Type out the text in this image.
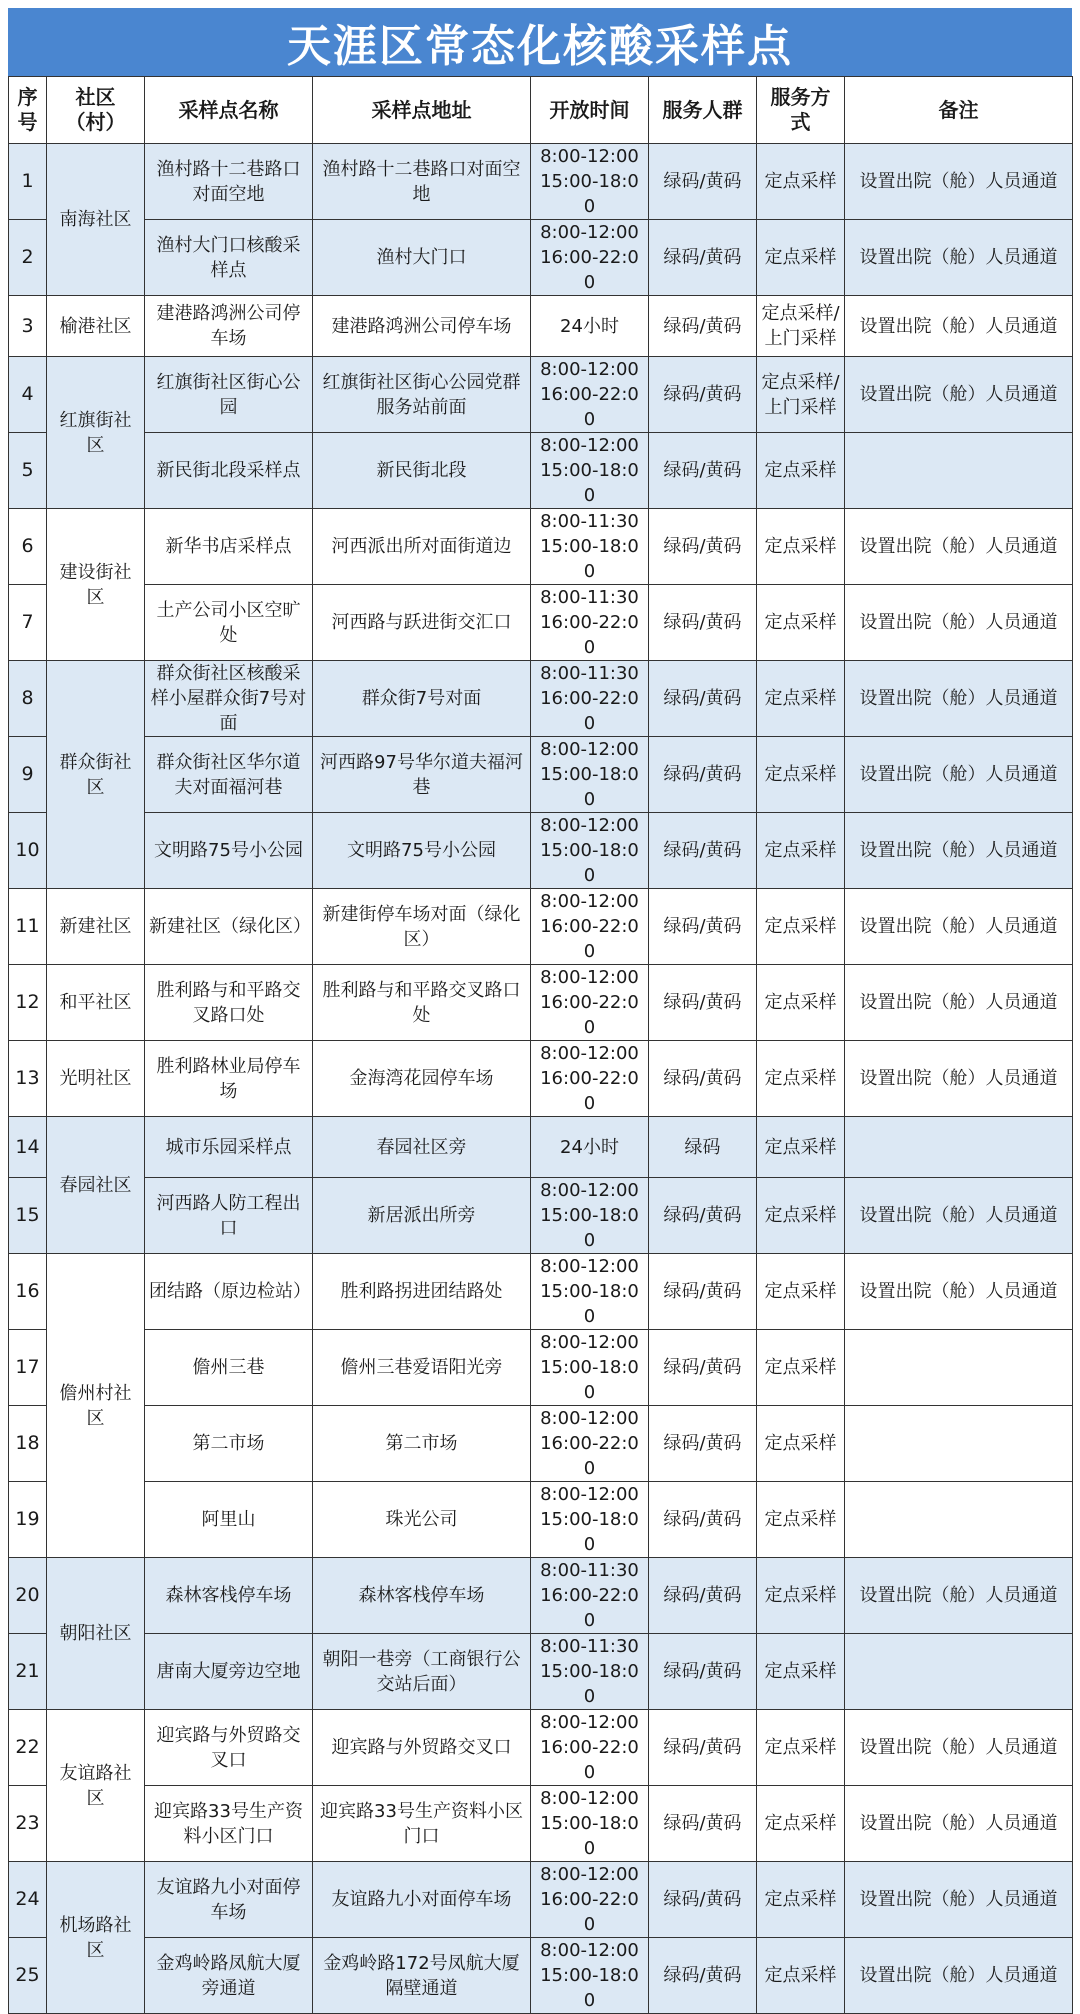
天涯区常态化核酸采样点
序号	社区（村）	采样点名称	采样点地址	开放时间	服务人群	服务方式	备注
1	南海社区	渔村路十二巷路口对面空地	渔村路十二巷路口对面空地	8:00-12:00 15:00-18:00	绿码/黄码	定点采样	设置出院（舱）人员通道
2		渔村大门口核酸采样点	渔村大门口	8:00-12:00 16:00-22:00	绿码/黄码	定点采样	设置出院（舱）人员通道
3	榆港社区	建港路鸿洲公司停车场	建港路鸿洲公司停车场	24小时	绿码/黄码	定点采样/上门采样	设置出院（舱）人员通道
4	红旗街社区	红旗街社区街心公园	红旗街社区街心公园党群服务站前面	8:00-12:00 16:00-22:00	绿码/黄码	定点采样/上门采样	设置出院（舱）人员通道
5		新民街北段采样点	新民街北段	8:00-12:00 15:00-18:00	绿码/黄码	定点采样	
6	建设街社区	新华书店采样点	河西派出所对面街道边	8:00-11:30 15:00-18:00	绿码/黄码	定点采样	设置出院（舱）人员通道
7		土产公司小区空旷处	河西路与跃进街交汇口	8:00-11:30 16:00-22:00	绿码/黄码	定点采样	设置出院（舱）人员通道
8	群众街社区	群众街社区核酸采样小屋群众街7号对面	群众街7号对面	8:00-11:30 16:00-22:00	绿码/黄码	定点采样	设置出院（舱）人员通道
9		群众街社区华尔道夫对面福河巷	河西路97号华尔道夫福河巷	8:00-12:00 15:00-18:00	绿码/黄码	定点采样	设置出院（舱）人员通道
10		文明路75号小公园	文明路75号小公园	8:00-12:00 15:00-18:00	绿码/黄码	定点采样	设置出院（舱）人员通道
11	新建社区	新建社区（绿化区）	新建街停车场对面（绿化区）	8:00-12:00 16:00-22:00	绿码/黄码	定点采样	设置出院（舱）人员通道
12	和平社区	胜利路与和平路交叉路口处	胜利路与和平路交叉路口处	8:00-12:00 16:00-22:00	绿码/黄码	定点采样	设置出院（舱）人员通道
13	光明社区	胜利路林业局停车场	金海湾花园停车场	8:00-12:00 16:00-22:00	绿码/黄码	定点采样	设置出院（舱）人员通道
14	春园社区	城市乐园采样点	春园社区旁	24小时	绿码	定点采样	
15		河西路人防工程出口	新居派出所旁	8:00-12:00 15:00-18:00	绿码/黄码	定点采样	设置出院（舱）人员通道
16	儋州村社区	团结路（原边检站）	胜利路拐进团结路处	8:00-12:00 15:00-18:00	绿码/黄码	定点采样	设置出院（舱）人员通道
17		儋州三巷	儋州三巷爱语阳光旁	8:00-12:00 15:00-18:00	绿码/黄码	定点采样	
18		第二市场	第二市场	8:00-12:00 16:00-22:00	绿码/黄码	定点采样	
19		阿里山	珠光公司	8:00-12:00 15:00-18:00	绿码/黄码	定点采样	
20	朝阳社区	森林客栈停车场	森林客栈停车场	8:00-11:30 16:00-22:00	绿码/黄码	定点采样	设置出院（舱）人员通道
21		唐南大厦旁边空地	朝阳一巷旁（工商银行公交站后面）	8:00-11:30 15:00-18:00	绿码/黄码	定点采样	
22	友谊路社区	迎宾路与外贸路交叉口	迎宾路与外贸路交叉口	8:00-12:00 16:00-22:00	绿码/黄码	定点采样	设置出院（舱）人员通道
23		迎宾路33号生产资料小区门口	迎宾路33号生产资料小区门口	8:00-12:00 15:00-18:00	绿码/黄码	定点采样	设置出院（舱）人员通道
24	机场路社区	友谊路九小对面停车场	友谊路九小对面停车场	8:00-12:00 16:00-22:00	绿码/黄码	定点采样	设置出院（舱）人员通道
25		金鸡岭路凤航大厦旁通道	金鸡岭路172号凤航大厦隔壁通道	8:00-12:00 15:00-18:00	绿码/黄码	定点采样	设置出院（舱）人员通道
